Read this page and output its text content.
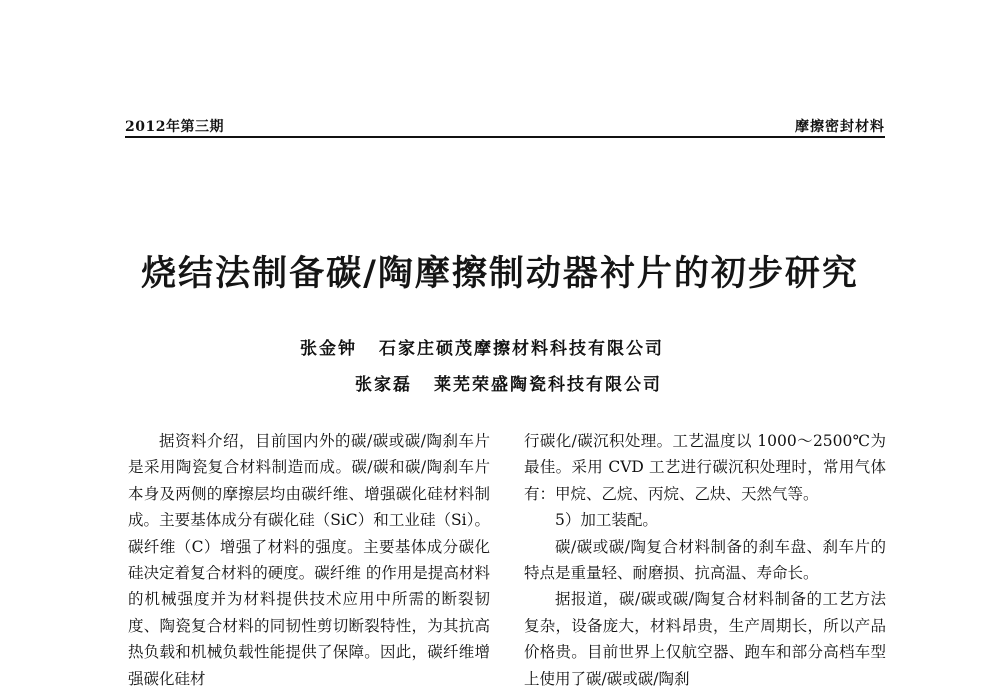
2012年第三期	摩擦密封材料
烧结法制备碳/陶摩擦制动器衬片的初步研究
张金钟 石家庄硕茂摩擦材料科技有限公司
张家磊 莱芜荣盛陶瓷科技有限公司

据资料介绍，目前国内外的碳/碳或碳/陶刹车片是采用陶瓷复合材料制造而成。碳/碳和碳/陶刹车片本身及两侧的摩擦层均由碳纤维、增强碳化硅材料制成。主要基体成分有碳化硅（SiC）和工业硅（Si）。碳纤维（C）增强了材料的强度。主要基体成分碳化硅决定着复合材料的硬度。碳纤维 的作用是提高材料的机械强度并为材料提供技术应用中所需的断裂韧度、陶瓷复合材料的同韧性剪切断裂特性，为其抗高热负载和机械负载性能提供了保障。因此，碳纤维增强碳化硅材

行碳化/碳沉积处理。工艺温度以 1000～2500℃为最佳。采用 CVD 工艺进行碳沉积处理时，常用气体有：甲烷、乙烷、丙烷、乙炔、天然气等。

5）加工装配。

碳/碳或碳/陶复合材料制备的刹车盘、刹车片的特点是重量轻、耐磨损、抗高温、寿命长。

据报道，碳/碳或碳/陶复合材料制备的工艺方法复杂，设备庞大，材料昂贵，生产周期长，所以产品价格贵。目前世界上仅航空器、跑车和部分高档车型上使用了碳/碳或碳/陶刹
